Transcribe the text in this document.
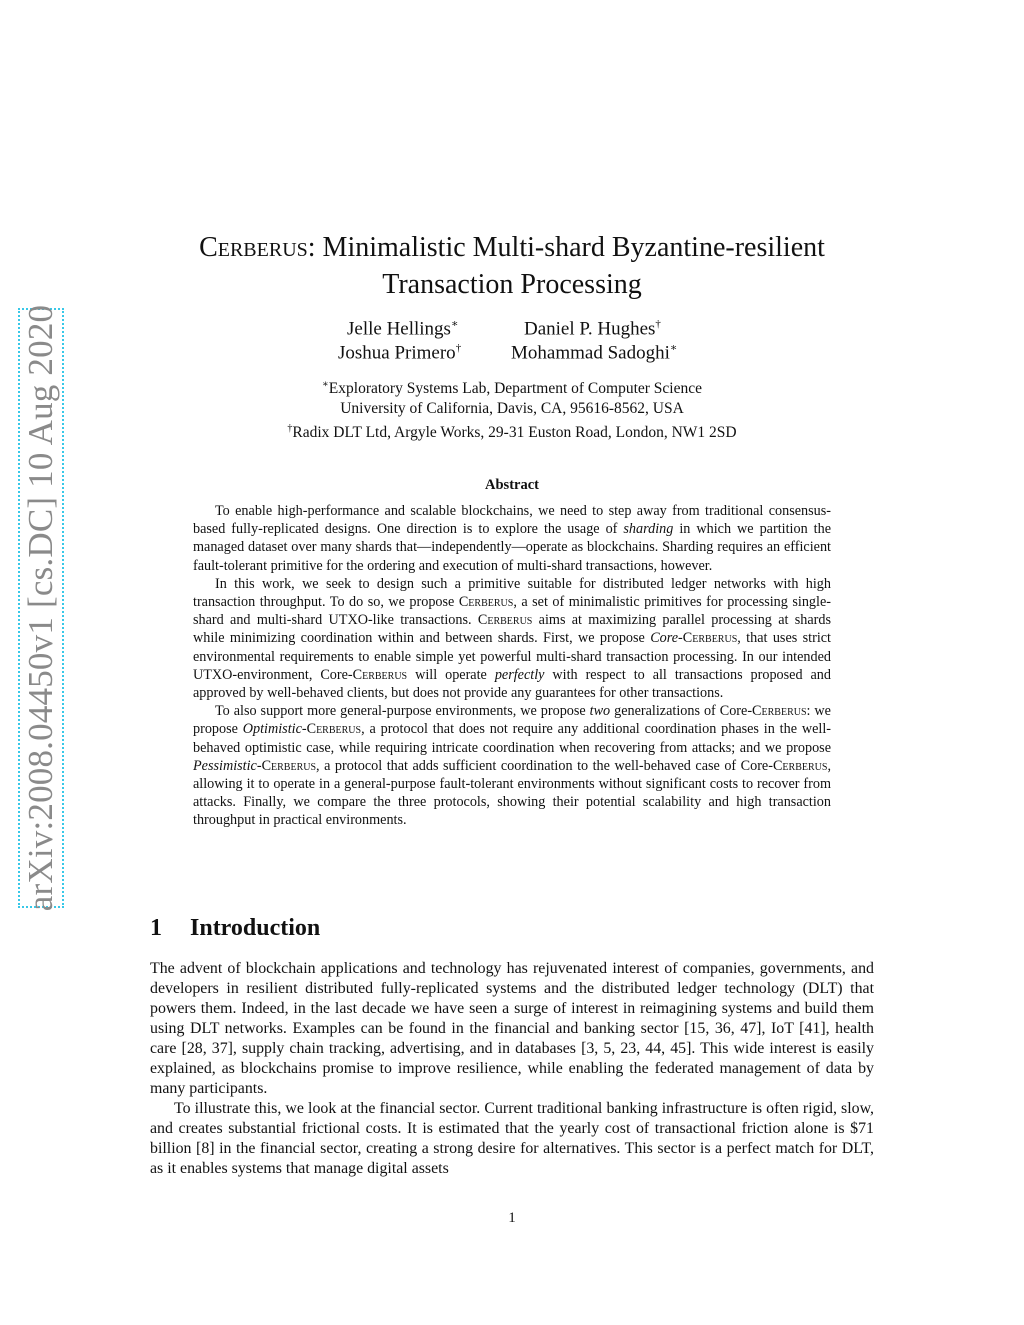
arXiv:2008.04450v1 [cs.DC] 10 Aug 2020
Cerberus: Minimalistic Multi-shard Byzantine-resilient
Transaction Processing
Jelle Hellings∗	Daniel P. Hughes†
Joshua Primero†	Mohammad Sadoghi∗
∗Exploratory Systems Lab, Department of Computer Science
University of California, Davis, CA, 95616-8562, USA
†Radix DLT Ltd, Argyle Works, 29-31 Euston Road, London, NW1 2SD
Abstract

To enable high-performance and scalable blockchains, we need to step away from traditional consensus-based fully-replicated designs. One direction is to explore the usage of sharding in which we partition the managed dataset over many shards that—independently—operate as blockchains. Sharding requires an efficient fault-tolerant primitive for the ordering and execution of multi-shard transactions, however.

In this work, we seek to design such a primitive suitable for distributed ledger networks with high transaction throughput. To do so, we propose Cerberus, a set of minimalistic primitives for processing single-shard and multi-shard UTXO-like transactions. Cerberus aims at maximizing parallel processing at shards while minimizing coordination within and between shards. First, we propose Core-Cerberus, that uses strict environmental requirements to enable simple yet powerful multi-shard transaction processing. In our intended UTXO-environment, Core-Cerberus will operate perfectly with respect to all transactions proposed and approved by well-behaved clients, but does not provide any guarantees for other transactions.

To also support more general-purpose environments, we propose two generalizations of Core-Cerberus: we propose Optimistic-Cerberus, a protocol that does not require any additional coordination phases in the well-behaved optimistic case, while requiring intricate coordination when recovering from attacks; and we propose Pessimistic-Cerberus, a protocol that adds sufficient coordination to the well-behaved case of Core-Cerberus, allowing it to operate in a general-purpose fault-tolerant environments without significant costs to recover from attacks. Finally, we compare the three protocols, showing their potential scalability and high transaction throughput in practical environments.

1 Introduction

The advent of blockchain applications and technology has rejuvenated interest of companies, governments, and developers in resilient distributed fully-replicated systems and the distributed ledger technology (DLT) that powers them. Indeed, in the last decade we have seen a surge of interest in reimagining systems and build them using DLT networks. Examples can be found in the financial and banking sector [15, 36, 47], IoT [41], health care [28, 37], supply chain tracking, advertising, and in databases [3, 5, 23, 44, 45]. This wide interest is easily explained, as blockchains promise to improve resilience, while enabling the federated management of data by many participants.

To illustrate this, we look at the financial sector. Current traditional banking infrastructure is often rigid, slow, and creates substantial frictional costs. It is estimated that the yearly cost of transactional friction alone is $71 billion [8] in the financial sector, creating a strong desire for alternatives. This sector is a perfect match for DLT, as it enables systems that manage digital assets

1
